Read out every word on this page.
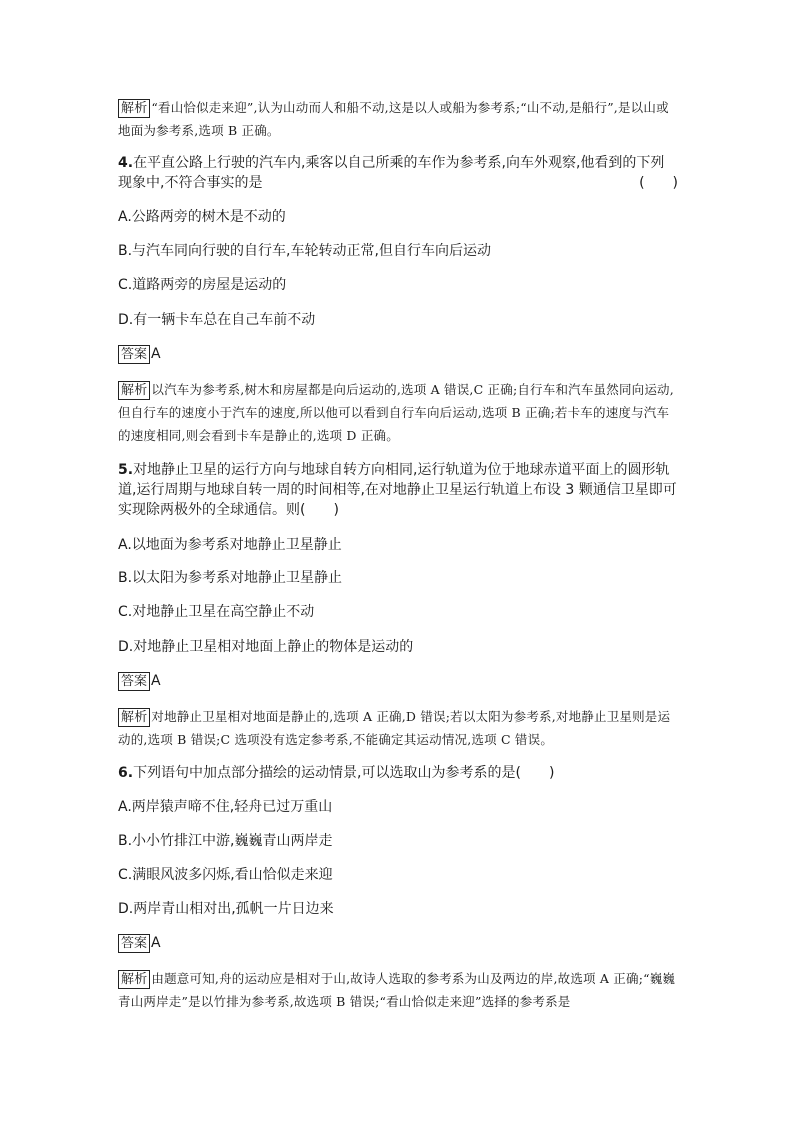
解析 “看山恰似走来迎”,认为山动而人和船不动,这是以人或船为参考系;“山不动,是船行”,是以山或地面为参考系,选项 B 正确。
4.在平直公路上行驶的汽车内,乘客以自己所乘的车作为参考系,向车外观察,他看到的下列现象中,不符合事实的是	(　　)
A.公路两旁的树木是不动的
B.与汽车同向行驶的自行车,车轮转动正常,但自行车向后运动
C.道路两旁的房屋是运动的
D.有一辆卡车总在自己车前不动
答案 A
解析 以汽车为参考系,树木和房屋都是向后运动的,选项 A 错误,C 正确;自行车和汽车虽然同向运动,但自行车的速度小于汽车的速度,所以他可以看到自行车向后运动,选项 B 正确;若卡车的速度与汽车的速度相同,则会看到卡车是静止的,选项 D 正确。
5.对地静止卫星的运行方向与地球自转方向相同,运行轨道为位于地球赤道平面上的圆形轨道,运行周期与地球自转一周的时间相等,在对地静止卫星运行轨道上布设 3 颗通信卫星即可实现除两极外的全球通信。则(　　)
A.以地面为参考系对地静止卫星静止
B.以太阳为参考系对地静止卫星静止
C.对地静止卫星在高空静止不动
D.对地静止卫星相对地面上静止的物体是运动的
答案 A
解析 对地静止卫星相对地面是静止的,选项 A 正确,D 错误;若以太阳为参考系,对地静止卫星则是运动的,选项 B 错误;C 选项没有选定参考系,不能确定其运动情况,选项 C 错误。
6.下列语句中加点部分描绘的运动情景,可以选取山为参考系的是(　　)
A.两岸猿声啼不住,轻舟已过万重山
B.小小竹排江中游,巍巍青山两岸走
C.满眼风波多闪烁,看山恰似走来迎
D.两岸青山相对出,孤帆一片日边来
答案 A
解析 由题意可知,舟的运动应是相对于山,故诗人选取的参考系为山及两边的岸,故选项 A 正确;“巍巍青山两岸走”是以竹排为参考系,故选项 B 错误;“看山恰似走来迎”选择的参考系是
